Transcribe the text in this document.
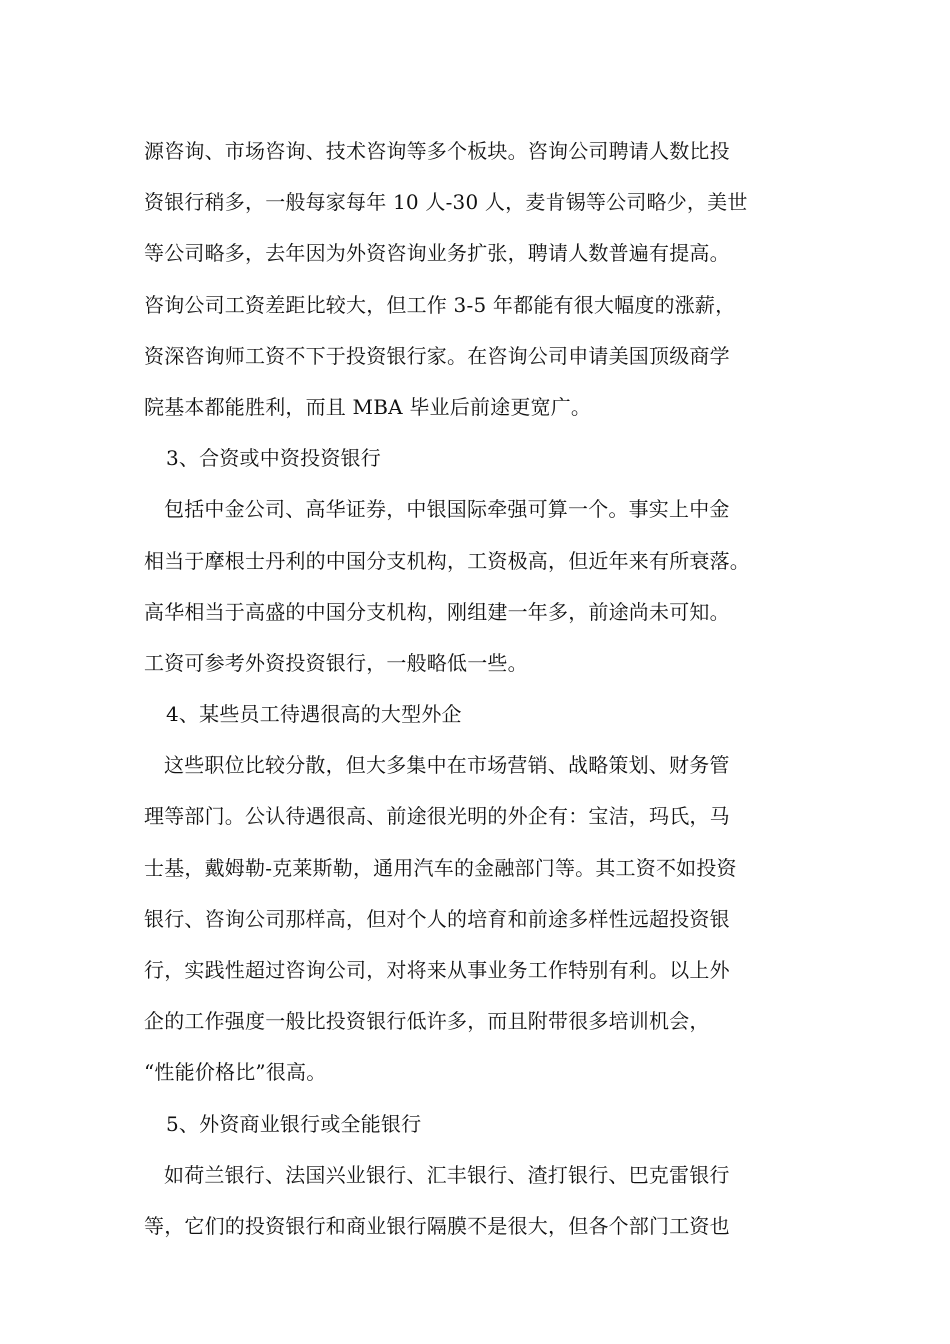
源咨询、市场咨询、技术咨询等多个板块。咨询公司聘请人数比投
资银行稍多，一般每家每年 10 人-30 人，麦肯锡等公司略少，美世
等公司略多，去年因为外资咨询业务扩张，聘请人数普遍有提高。
咨询公司工资差距比较大，但工作 3-5 年都能有很大幅度的涨薪，
资深咨询师工资不下于投资银行家。在咨询公司申请美国顶级商学
院基本都能胜利，而且 MBA 毕业后前途更宽广。
3、合资或中资投资银行
包括中金公司、高华证券，中银国际牵强可算一个。事实上中金
相当于摩根士丹利的中国分支机构，工资极高，但近年来有所衰落。
高华相当于高盛的中国分支机构，刚组建一年多，前途尚未可知。
工资可参考外资投资银行，一般略低一些。
4、某些员工待遇很高的大型外企
这些职位比较分散，但大多集中在市场营销、战略策划、财务管
理等部门。公认待遇很高、前途很光明的外企有：宝洁，玛氏，马
士基，戴姆勒-克莱斯勒，通用汽车的金融部门等。其工资不如投资
银行、咨询公司那样高，但对个人的培育和前途多样性远超投资银
行，实践性超过咨询公司，对将来从事业务工作特别有利。以上外
企的工作强度一般比投资银行低许多，而且附带很多培训机会，
“性能价格比”很高。
5、外资商业银行或全能银行
如荷兰银行、法国兴业银行、汇丰银行、渣打银行、巴克雷银行
等，它们的投资银行和商业银行隔膜不是很大，但各个部门工资也
